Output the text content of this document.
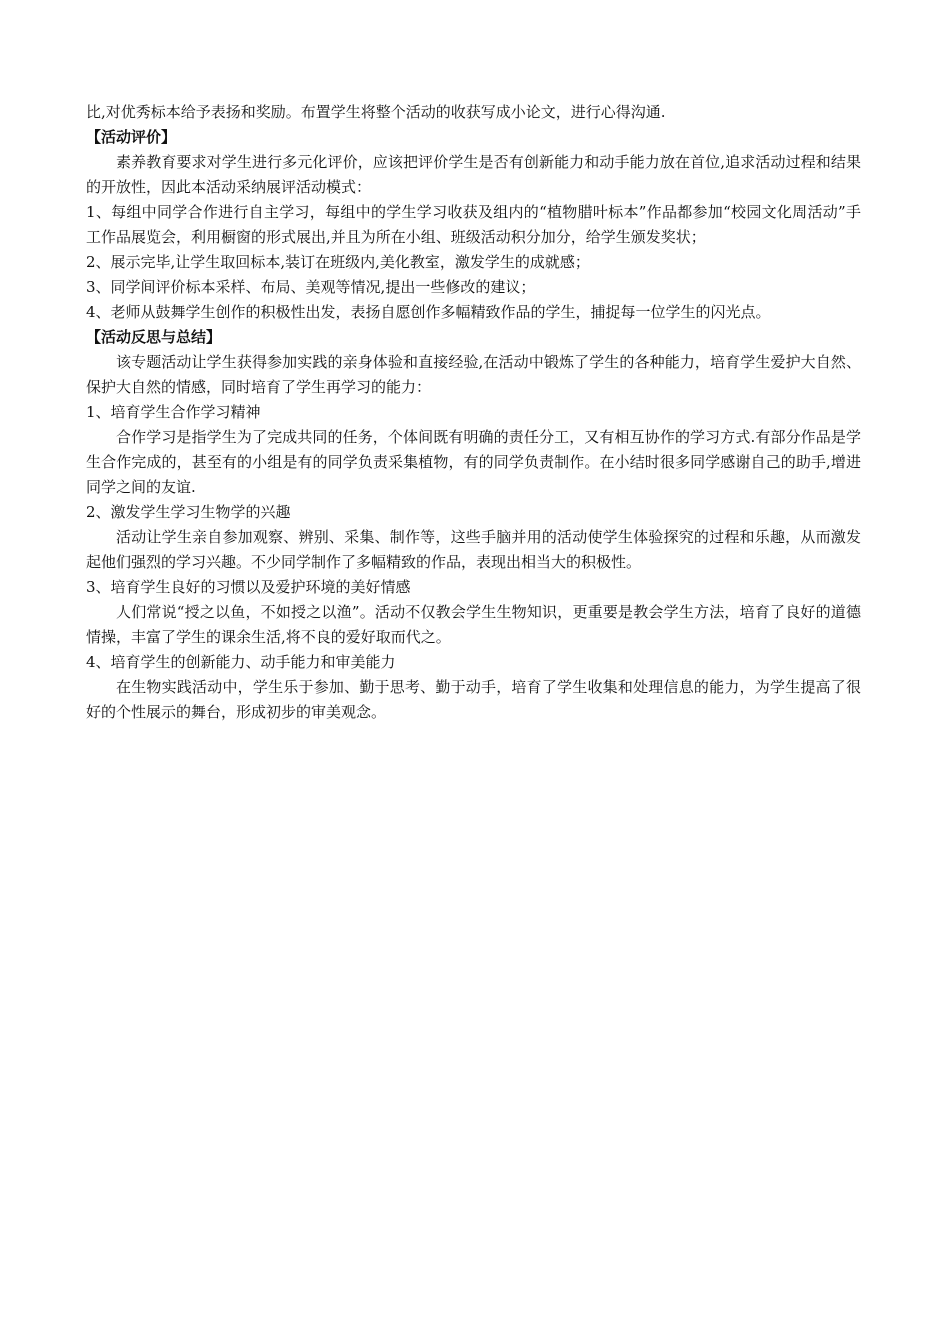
比,对优秀标本给予表扬和奖励。布置学生将整个活动的收获写成小论文，进行心得沟通.

【活动评价】

素养教育要求对学生进行多元化评价，应该把评价学生是否有创新能力和动手能力放在首位,追求活动过程和结果的开放性，因此本活动采纳展评活动模式：

1、每组中同学合作进行自主学习，每组中的学生学习收获及组内的“植物腊叶标本”作品都参加“校园文化周活动”手工作品展览会，利用橱窗的形式展出,并且为所在小组、班级活动积分加分，给学生颁发奖状；

2、展示完毕,让学生取回标本,装订在班级内,美化教室，激发学生的成就感；

3、同学间评价标本采样、布局、美观等情况,提出一些修改的建议；

4、老师从鼓舞学生创作的积极性出发，表扬自愿创作多幅精致作品的学生，捕捉每一位学生的闪光点。

【活动反思与总结】

该专题活动让学生获得参加实践的亲身体验和直接经验,在活动中锻炼了学生的各种能力，培育学生爱护大自然、保护大自然的情感，同时培育了学生再学习的能力：

1、培育学生合作学习精神

合作学习是指学生为了完成共同的任务，个体间既有明确的责任分工，又有相互协作的学习方式.有部分作品是学生合作完成的，甚至有的小组是有的同学负责采集植物，有的同学负责制作。在小结时很多同学感谢自己的助手,增进同学之间的友谊.

2、激发学生学习生物学的兴趣

活动让学生亲自参加观察、辨别、采集、制作等，这些手脑并用的活动使学生体验探究的过程和乐趣，从而激发起他们强烈的学习兴趣。不少同学制作了多幅精致的作品，表现出相当大的积极性。

3、培育学生良好的习惯以及爱护环境的美好情感

人们常说“授之以鱼，不如授之以渔”。活动不仅教会学生生物知识，更重要是教会学生方法，培育了良好的道德情操，丰富了学生的课余生活,将不良的爱好取而代之。

4、培育学生的创新能力、动手能力和审美能力

在生物实践活动中，学生乐于参加、勤于思考、勤于动手，培育了学生收集和处理信息的能力，为学生提高了很好的个性展示的舞台，形成初步的审美观念。
